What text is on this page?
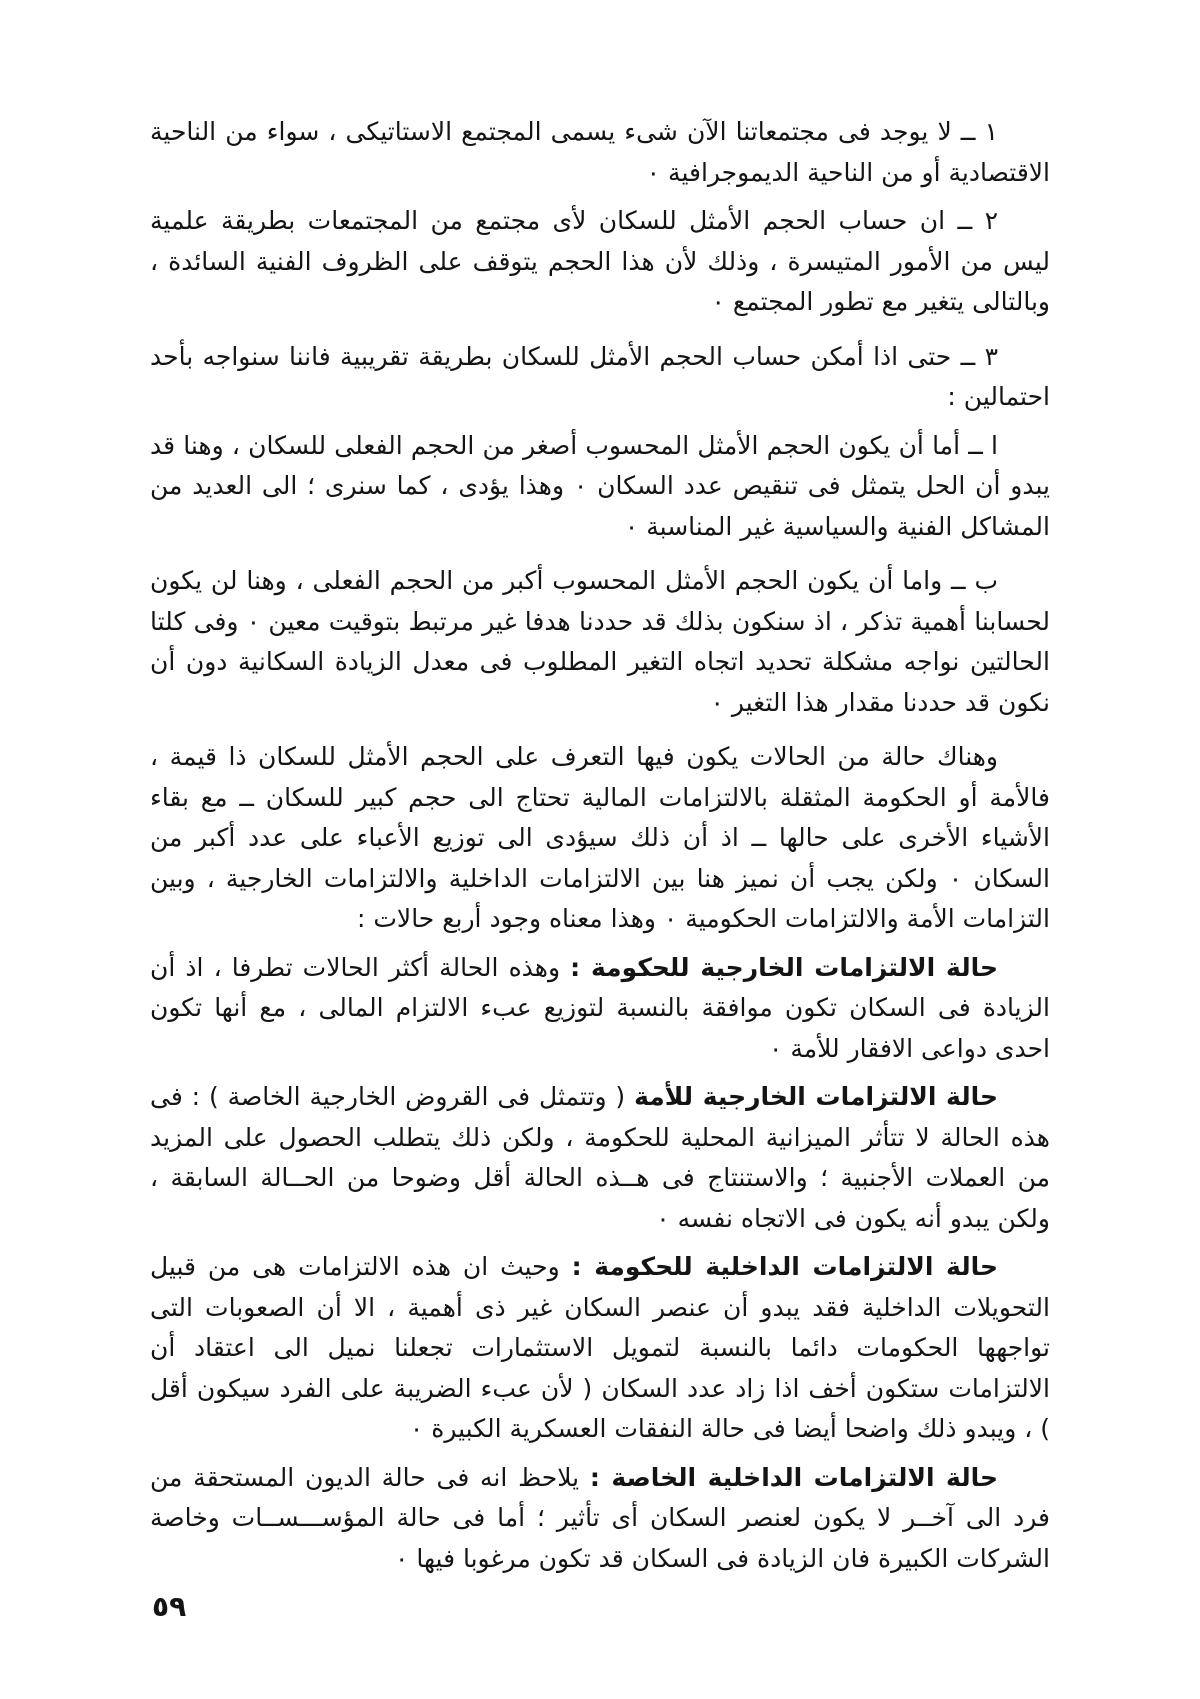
١ ــ لا يوجد فى مجتمعاتنا الآن شىء يسمى المجتمع الاستاتيكى ، سواء من الناحية الاقتصادية أو من الناحية الديموجرافية ٠

٢ ــ ان حساب الحجم الأمثل للسكان لأى مجتمع من المجتمعات بطريقة علمية ليس من الأمور المتيسرة ، وذلك لأن هذا الحجم يتوقف على الظروف الفنية السائدة ، وبالتالى يتغير مع تطور المجتمع ٠

٣ ــ حتى اذا أمكن حساب الحجم الأمثل للسكان بطريقة تقريبية فاننا سنواجه بأحد احتمالين :

ا ــ أما أن يكون الحجم الأمثل المحسوب أصغر من الحجم الفعلى للسكان ، وهنا قد يبدو أن الحل يتمثل فى تنقيص عدد السكان ٠ وهذا يؤدى ، كما سنرى ؛ الى العديد من المشاكل الفنية والسياسية غير المناسبة ٠

ب ــ واما أن يكون الحجم الأمثل المحسوب أكبر من الحجم الفعلى ، وهنا لن يكون لحسابنا أهمية تذكر ، اذ سنكون بذلك قد حددنا هدفا غير مرتبط بتوقيت معين ٠ وفى كلتا الحالتين نواجه مشكلة تحديد اتجاه التغير المطلوب فى معدل الزيادة السكانية دون أن نكون قد حددنا مقدار هذا التغير ٠

وهناك حالة من الحالات يكون فيها التعرف على الحجم الأمثل للسكان ذا قيمة ، فالأمة أو الحكومة المثقلة بالالتزامات المالية تحتاج الى حجم كبير للسكان ــ مع بقاء الأشياء الأخرى على حالها ــ اذ أن ذلك سيؤدى الى توزيع الأعباء على عدد أكبر من السكان ٠ ولكن يجب أن نميز هنا بين الالتزامات الداخلية والالتزامات الخارجية ، وبين التزامات الأمة والالتزامات الحكومية ٠ وهذا معناه وجود أربع حالات :

حالة الالتزامات الخارجية للحكومة : وهذه الحالة أكثر الحالات تطرفا ، اذ أن الزيادة فى السكان تكون موافقة بالنسبة لتوزيع عبء الالتزام المالى ، مع أنها تكون احدى دواعى الافقار للأمة ٠

حالة الالتزامات الخارجية للأمة ( وتتمثل فى القروض الخارجية الخاصة ) : فى هذه الحالة لا تتأثر الميزانية المحلية للحكومة ، ولكن ذلك يتطلب الحصول على المزيد من العملات الأجنبية ؛ والاستنتاج فى هــذه الحالة أقل وضوحا من الحــالة السابقة ، ولكن يبدو أنه يكون فى الاتجاه نفسه ٠

حالة الالتزامات الداخلية للحكومة : وحيث ان هذه الالتزامات هى من قبيل التحويلات الداخلية فقد يبدو أن عنصر السكان غير ذى أهمية ، الا أن الصعوبات التى تواجهها الحكومات دائما بالنسبة لتمويل الاستثمارات تجعلنا نميل الى اعتقاد أن الالتزامات ستكون أخف اذا زاد عدد السكان ( لأن عبء الضريبة على الفرد سيكون أقل ) ، ويبدو ذلك واضحا أيضا فى حالة النفقات العسكرية الكبيرة ٠

حالة الالتزامات الداخلية الخاصة : يلاحظ انه فى حالة الديون المستحقة من فرد الى آخــر لا يكون لعنصر السكان أى تأثير ؛ أما فى حالة المؤســـســات وخاصة الشركات الكبيرة فان الزيادة فى السكان قد تكون مرغوبا فيها ٠

٥٩
